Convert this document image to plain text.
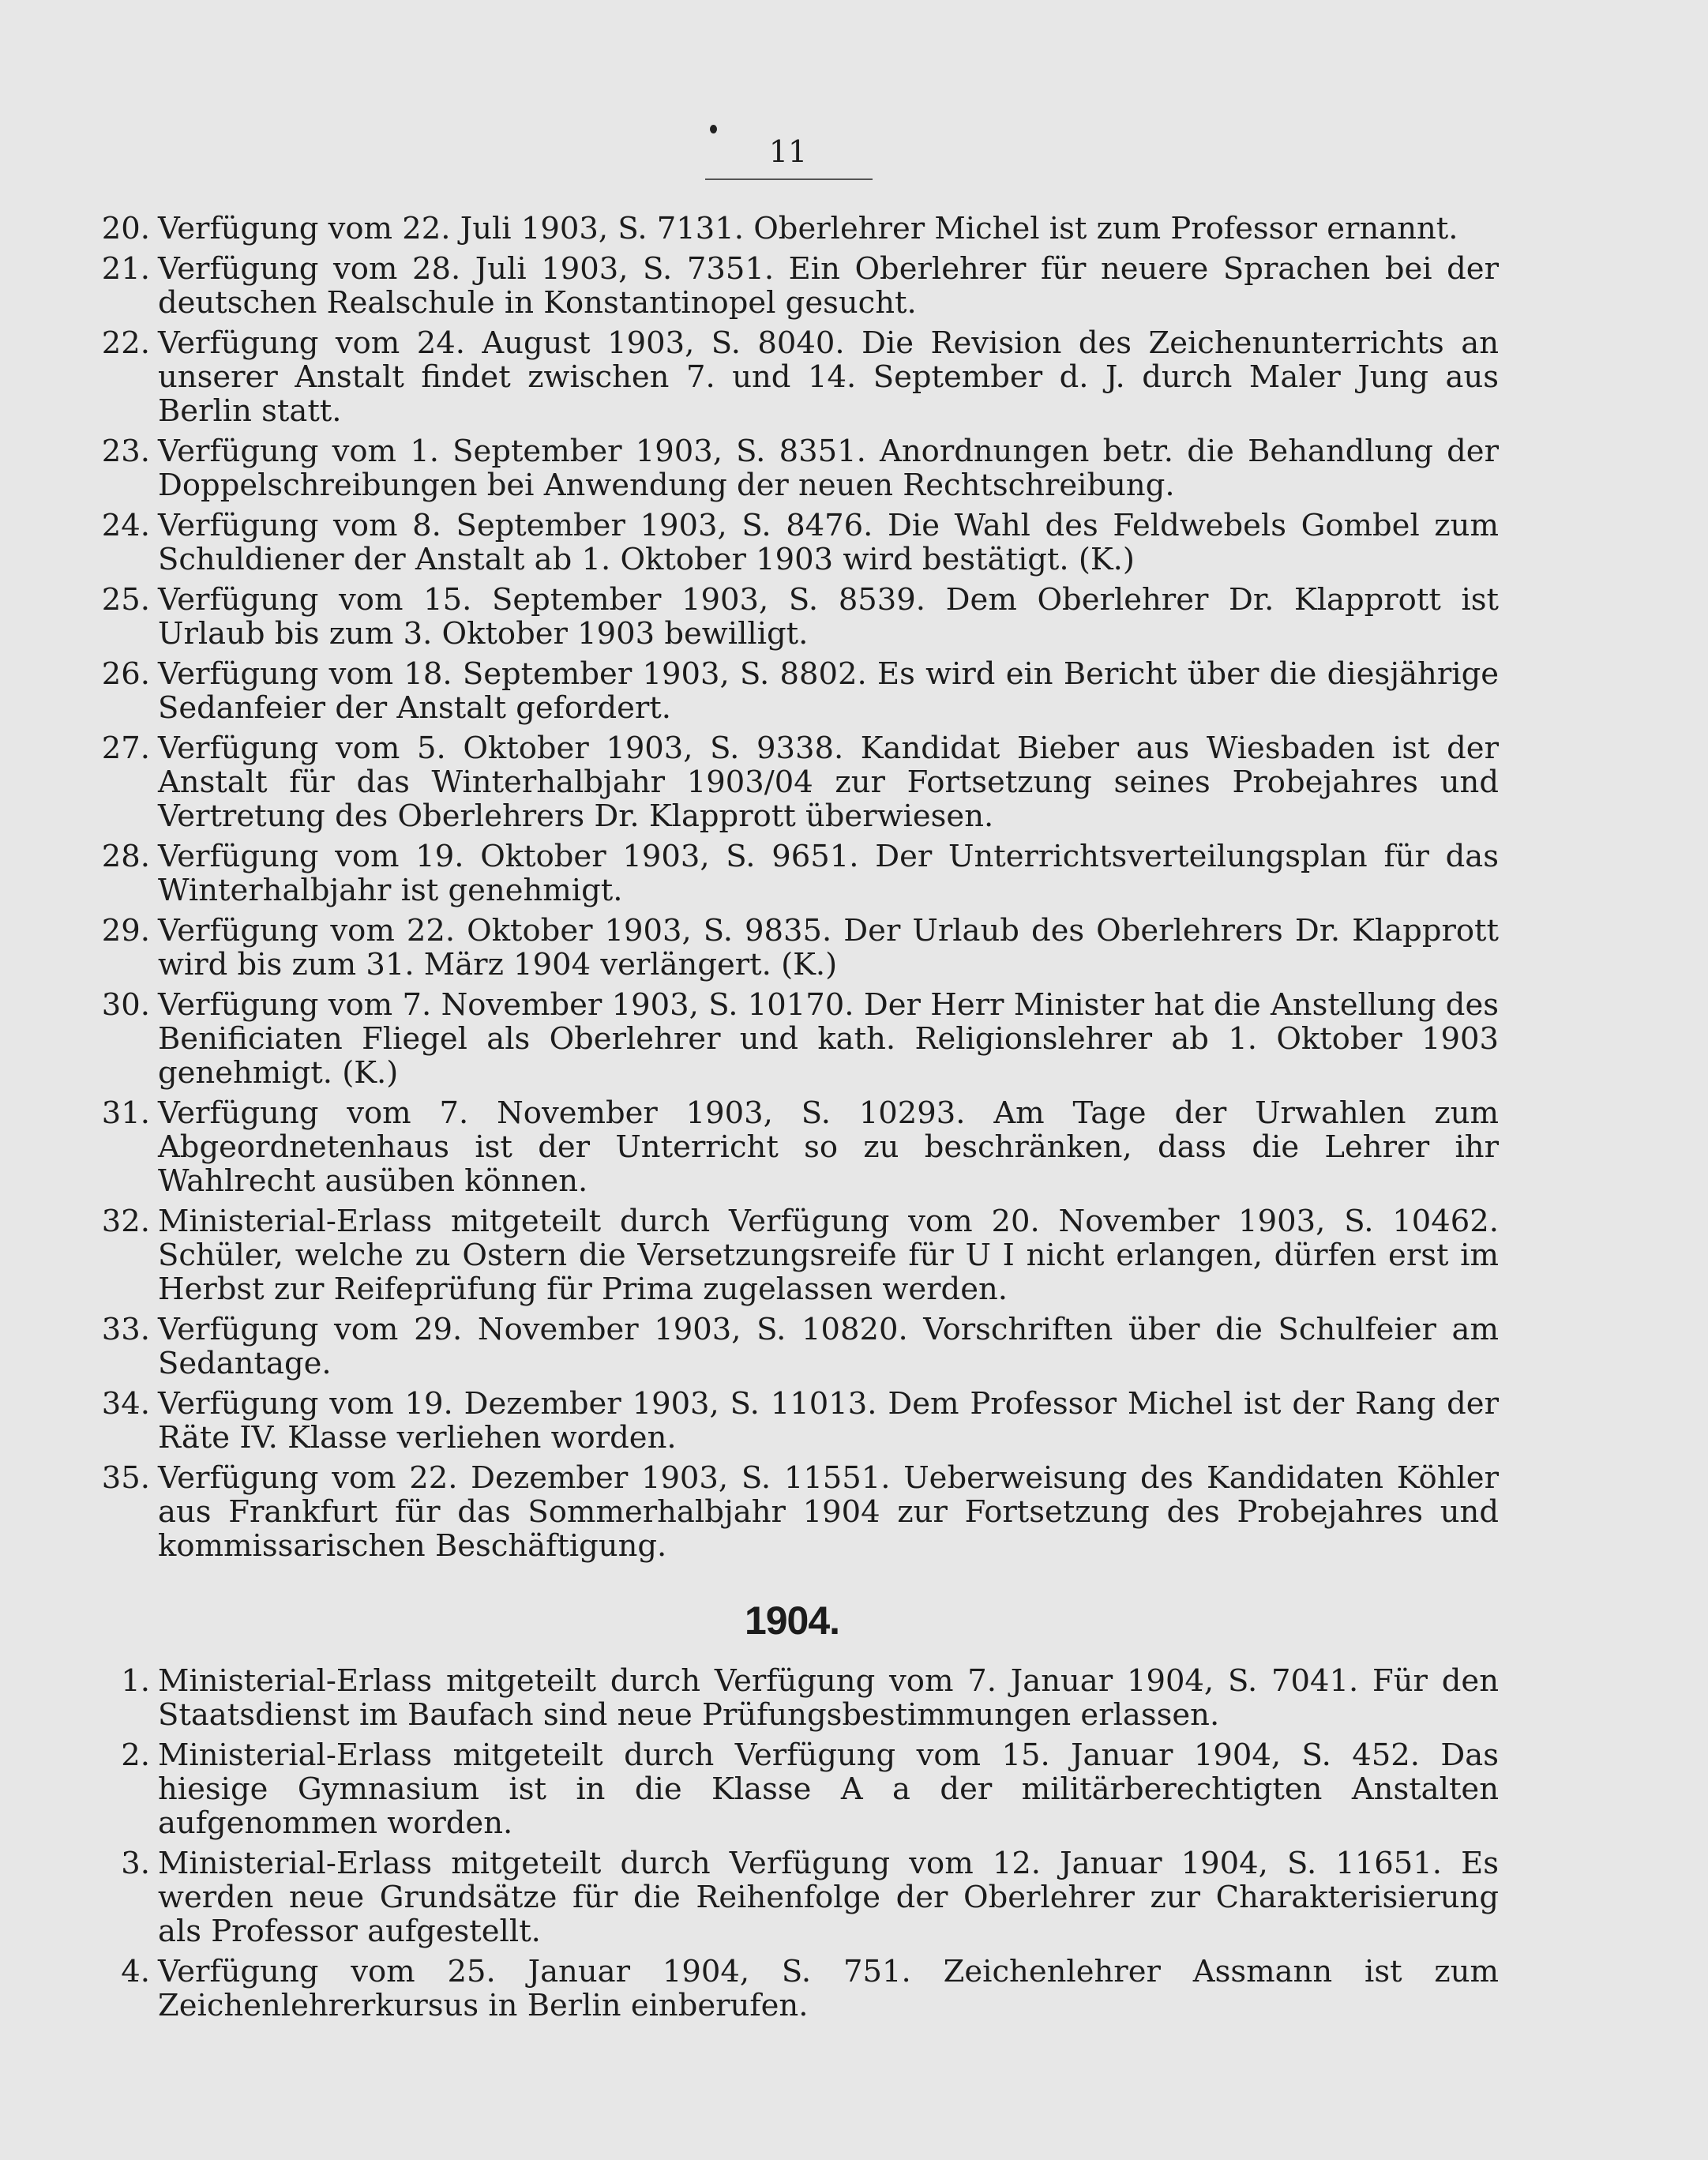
11
20. Verfügung vom 22. Juli 1903, S. 7131. Oberlehrer Michel ist zum Professor ernannt.
21. Verfügung vom 28. Juli 1903, S. 7351. Ein Oberlehrer für neuere Sprachen bei der deutschen Realschule in Konstantinopel gesucht.
22. Verfügung vom 24. August 1903, S. 8040. Die Revision des Zeichenunterrichts an unserer Anstalt findet zwischen 7. und 14. September d. J. durch Maler Jung aus Berlin statt.
23. Verfügung vom 1. September 1903, S. 8351. Anordnungen betr. die Behandlung der Doppelschreibungen bei Anwendung der neuen Rechtschreibung.
24. Verfügung vom 8. September 1903, S. 8476. Die Wahl des Feldwebels Gombel zum Schuldiener der Anstalt ab 1. Oktober 1903 wird bestätigt. (K.)
25. Verfügung vom 15. September 1903, S. 8539. Dem Oberlehrer Dr. Klapprott ist Urlaub bis zum 3. Oktober 1903 bewilligt.
26. Verfügung vom 18. September 1903, S. 8802. Es wird ein Bericht über die diesjährige Sedanfeier der Anstalt gefordert.
27. Verfügung vom 5. Oktober 1903, S. 9338. Kandidat Bieber aus Wiesbaden ist der Anstalt für das Winterhalbjahr 1903/04 zur Fortsetzung seines Probejahres und Vertretung des Oberlehrers Dr. Klapprott überwiesen.
28. Verfügung vom 19. Oktober 1903, S. 9651. Der Unterrichtsverteilungsplan für das Winterhalbjahr ist genehmigt.
29. Verfügung vom 22. Oktober 1903, S. 9835. Der Urlaub des Oberlehrers Dr. Klapprott wird bis zum 31. März 1904 verlängert. (K.)
30. Verfügung vom 7. November 1903, S. 10170. Der Herr Minister hat die Anstellung des Benificiaten Fliegel als Oberlehrer und kath. Religionslehrer ab 1. Oktober 1903 genehmigt. (K.)
31. Verfügung vom 7. November 1903, S. 10293. Am Tage der Urwahlen zum Abgeordnetenhaus ist der Unterricht so zu beschränken, dass die Lehrer ihr Wahlrecht ausüben können.
32. Ministerial-Erlass mitgeteilt durch Verfügung vom 20. November 1903, S. 10462. Schüler, welche zu Ostern die Versetzungsreife für U I nicht erlangen, dürfen erst im Herbst zur Reifeprüfung für Prima zugelassen werden.
33. Verfügung vom 29. November 1903, S. 10820. Vorschriften über die Schulfeier am Sedantage.
34. Verfügung vom 19. Dezember 1903, S. 11013. Dem Professor Michel ist der Rang der Räte IV. Klasse verliehen worden.
35. Verfügung vom 22. Dezember 1903, S. 11551. Ueberweisung des Kandidaten Köhler aus Frankfurt für das Sommerhalbjahr 1904 zur Fortsetzung des Probejahres und kommissarischen Beschäftigung.
1904.
1. Ministerial-Erlass mitgeteilt durch Verfügung vom 7. Januar 1904, S. 7041. Für den Staatsdienst im Baufach sind neue Prüfungsbestimmungen erlassen.
2. Ministerial-Erlass mitgeteilt durch Verfügung vom 15. Januar 1904, S. 452. Das hiesige Gymnasium ist in die Klasse A a der militärberechtigten Anstalten aufgenommen worden.
3. Ministerial-Erlass mitgeteilt durch Verfügung vom 12. Januar 1904, S. 11651. Es werden neue Grundsätze für die Reihenfolge der Oberlehrer zur Charakterisierung als Professor aufgestellt.
4. Verfügung vom 25. Januar 1904, S. 751. Zeichenlehrer Assmann ist zum Zeichenlehrerkursus in Berlin einberufen.
